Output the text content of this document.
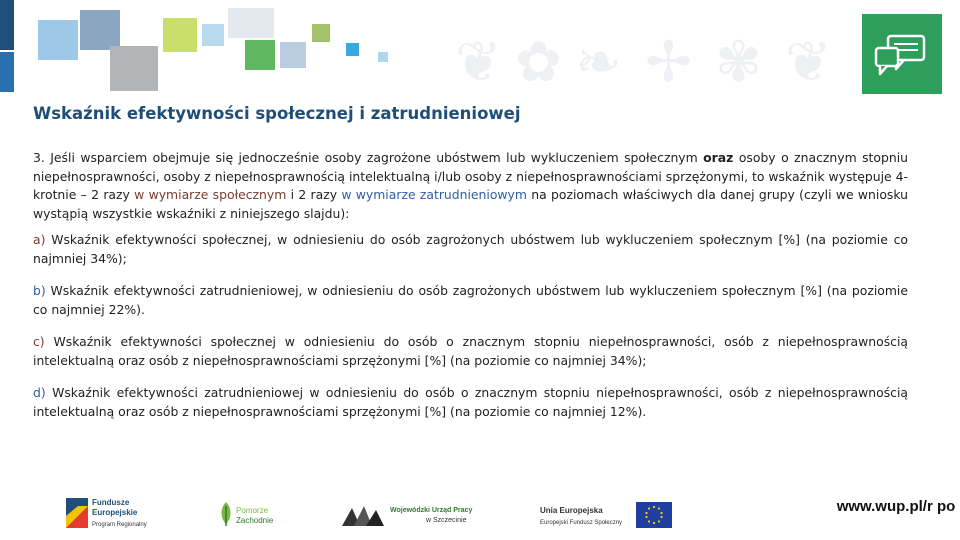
❦ ✿ ❧ ✢ ✾ ❦
Wskaźnik efektywności społecznej i zatrudnieniowej

3. Jeśli wsparciem obejmuje się jednocześnie osoby zagrożone ubóstwem lub wykluczeniem społecznym oraz osoby o znacznym stopniu niepełnosprawności, osoby z niepełnosprawnością intelektualną i/lub osoby z niepełnosprawnościami sprzężonymi, to wskaźnik występuje 4-krotnie – 2 razy w wymiarze społecznym i 2 razy w wymiarze zatrudnieniowym na poziomach właściwych dla danej grupy (czyli we wniosku wystąpią wszystkie wskaźniki z niniejszego slajdu):

a) Wskaźnik efektywności społecznej, w odniesieniu do osób zagrożonych ubóstwem lub wykluczeniem społecznym [%] (na poziomie co najmniej 34%);

b) Wskaźnik efektywności zatrudnieniowej, w odniesieniu do osób zagrożonych ubóstwem lub wykluczeniem społecznym [%] (na poziomie co najmniej 22%).

c) Wskaźnik efektywności społecznej w odniesieniu do osób o znacznym stopniu niepełnosprawności, osób z niepełnosprawnością intelektualną oraz osób z niepełnosprawnościami sprzężonymi [%] (na poziomie co najmniej 34%);

d) Wskaźnik efektywności zatrudnieniowej w odniesieniu do osób o znacznym stopniu niepełnosprawności, osób z niepełnosprawnością intelektualną oraz osób z niepełnosprawnościami sprzężonymi [%] (na poziomie co najmniej 12%).

Fundusze
Europejskie
Program Regionalny
Pomorze
Zachodnie
Wojewódzki Urząd Pracy
w Szczecinie
Unia Europejska
Europejski Fundusz Społeczny
www.wup.pl/r po
